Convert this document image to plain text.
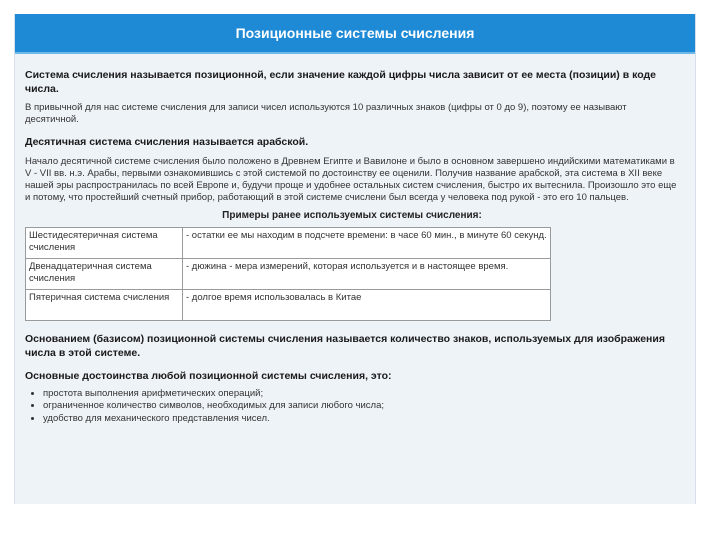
Позиционные системы счисления

Система счисления называется позиционной, если значение каждой цифры числа зависит от ее места (позиции) в коде числа.

В привычной для нас системе счисления для записи чисел используются 10 различных знаков (цифры от 0 до 9), поэтому ее называют десятичной.

Десятичная система счисления называется арабской.

Начало десятичной системе счисления было положено в Древнем Египте и Вавилоне и было в основном завершено индийскими математиками в V - VII вв. н.э. Арабы, первыми ознакомившись с этой системой по достоинству ее оценили. Получив название арабской, эта система в XII веке нашей эры распространилась по всей Европе и, будучи проще и удобнее остальных систем счисления, быстро их вытеснила. Произошло это еще и потому, что простейший счетный прибор, работающий в этой системе счислени был всегда у человека под рукой - это его 10 пальцев.

Примеры ранее используемых системы счисления:

Шестидесятеричная система счисления	- остатки ее мы находим в подсчете времени: в часе 60 мин., в минуте 60 секунд.
Двенадцатеричная система счисления	- дюжина - мера измерений, которая используется и в настоящее время.
Пятеричная система счисления	- долгое время использовалась в Китае

Основанием (базисом) позиционной системы счисления называется количество знаков, используемых для изображения числа в этой системе.

Основные достоинства любой позиционной системы счисления, это:

• простота выполнения арифметических операций;
• ограниченное количество символов, необходимых для записи любого числа;
• удобство для механического представления чисел.
